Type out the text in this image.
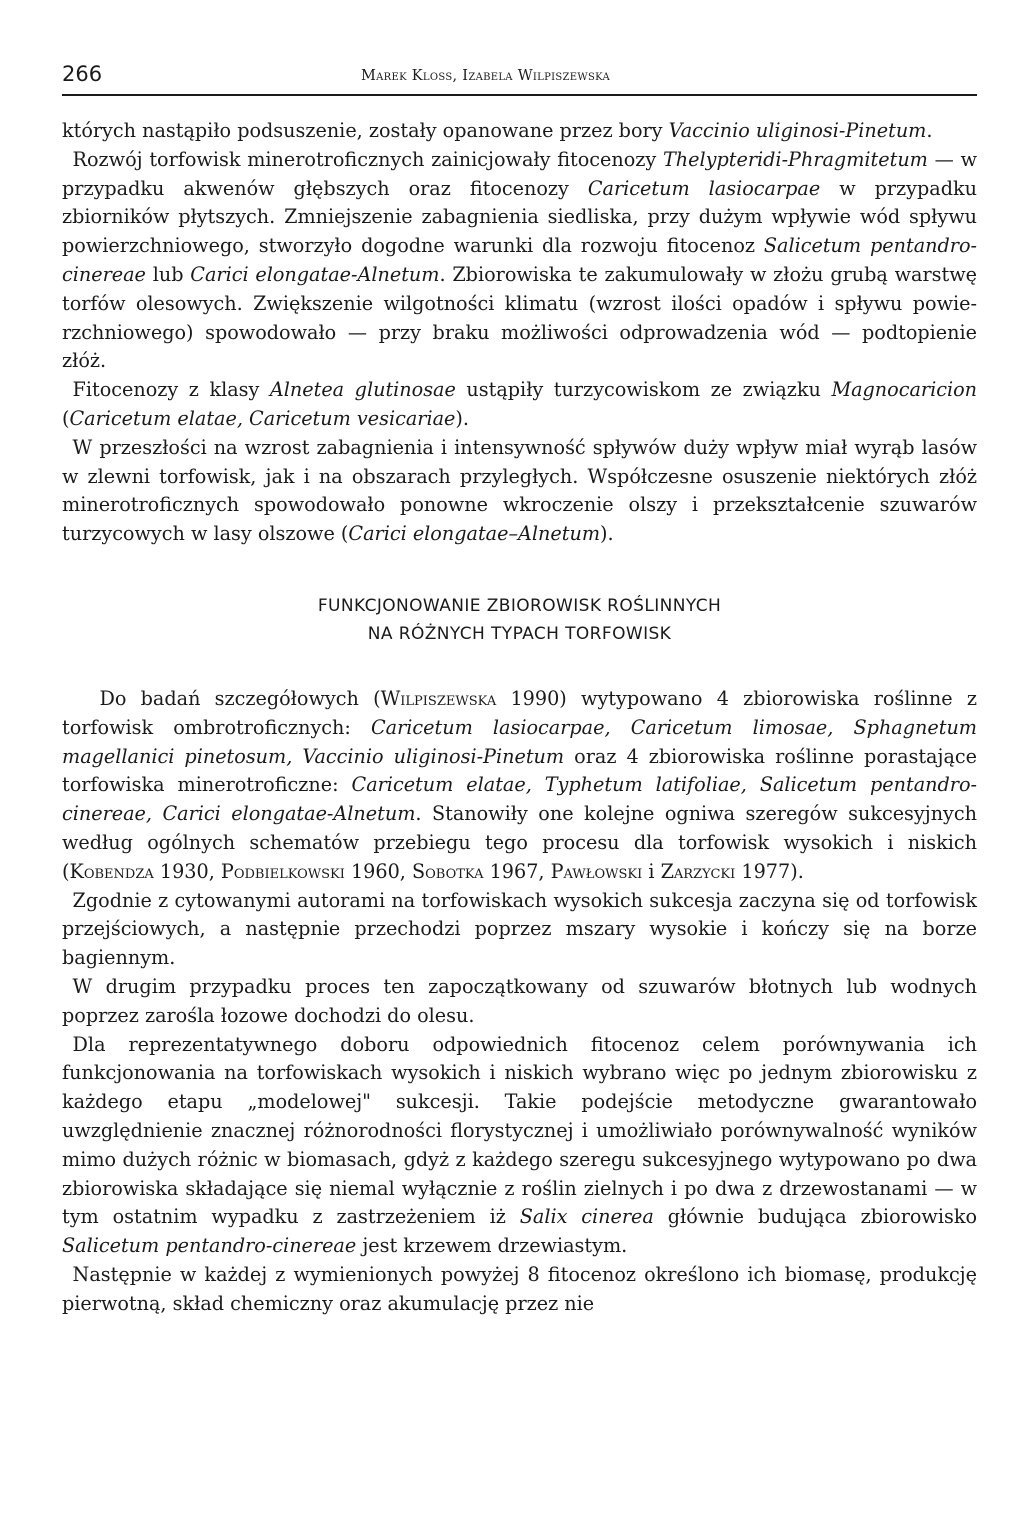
266	Marek Kloss, Izabela Wilpiszewska

których nastąpiło podsuszenie, zostały opanowane przez bory Vaccinio uliginosi-Pinetum.

Rozwój torfowisk minerotroficznych zainicjowały fitocenozy Thelypteridi-Phragmitetum — w przypadku akwenów głębszych oraz fitocenozy Caricetum lasiocarpae w przypadku zbiorników płytszych. Zmniejszenie zabagnienia siedliska, przy dużym wpływie wód spływu powierzchniowego, stworzyło dogodne warunki dla rozwoju fitocenoz Salicetum pentandro-cinereae lub Carici elongatae-Alnetum. Zbiorowiska te zakumulowały w złożu grubą warstwę torfów olesowych. Zwiększenie wilgotności klimatu (wzrost ilości opadów i spływu powierzchniowego) spowodowało — przy braku możliwości odprowadzenia wód — podtopienie złóż.

Fitocenozy z klasy Alnetea glutinosae ustąpiły turzycowiskom ze związku Magnocaricion (Caricetum elatae, Caricetum vesicariae).

W przeszłości na wzrost zabagnienia i intensywność spływów duży wpływ miał wyrąb lasów w zlewni torfowisk, jak i na obszarach przyległych. Współczesne osuszenie niektórych złóż minerotroficznych spowodowało ponowne wkroczenie olszy i przekształcenie szuwarów turzycowych w lasy olszowe (Carici elongatae–Alnetum).

FUNKCJONOWANIE ZBIOROWISK ROŚLINNYCH
NA RÓŻNYCH TYPACH TORFOWISK

Do badań szczegółowych (Wilpiszewska 1990) wytypowano 4 zbiorowiska roślinne z torfowisk ombrotroficznych: Caricetum lasiocarpae, Caricetum limosae, Sphagnetum magellanici pinetosum, Vaccinio uliginosi-Pinetum oraz 4 zbiorowiska roślinne porastające torfowiska minerotroficzne: Caricetum elatae, Typhetum latifoliae, Salicetum pentandro-cinereae, Carici elongatae-Alnetum. Stanowiły one kolejne ogniwa szeregów sukcesyjnych według ogólnych schematów przebiegu tego procesu dla torfowisk wysokich i niskich (Kobendza 1930, Podbielkowski 1960, Sobotka 1967, Pawłowski i Zarzycki 1977).

Zgodnie z cytowanymi autorami na torfowiskach wysokich sukcesja zaczyna się od torfowisk przejściowych, a następnie przechodzi poprzez mszary wysokie i kończy się na borze bagiennym.

W drugim przypadku proces ten zapoczątkowany od szuwarów błotnych lub wodnych poprzez zarośla łozowe dochodzi do olesu.

Dla reprezentatywnego doboru odpowiednich fitocenoz celem porównywania ich funkcjonowania na torfowiskach wysokich i niskich wybrano więc po jednym zbiorowisku z każdego etapu „modelowej" sukcesji. Takie podejście metodyczne gwarantowało uwzględnienie znacznej różnorodności florystycznej i umożliwiało porównywalność wyników mimo dużych różnic w biomasach, gdyż z każdego szeregu sukcesyjnego wytypowano po dwa zbiorowiska składające się niemal wyłącznie z roślin zielnych i po dwa z drzewostanami — w tym ostatnim wypadku z zastrzeżeniem iż Salix cinerea głównie budująca zbiorowisko Salicetum pentandro-cinereae jest krzewem drzewiastym.

Następnie w każdej z wymienionych powyżej 8 fitocenoz określono ich biomasę, produkcję pierwotną, skład chemiczny oraz akumulację przez nie
